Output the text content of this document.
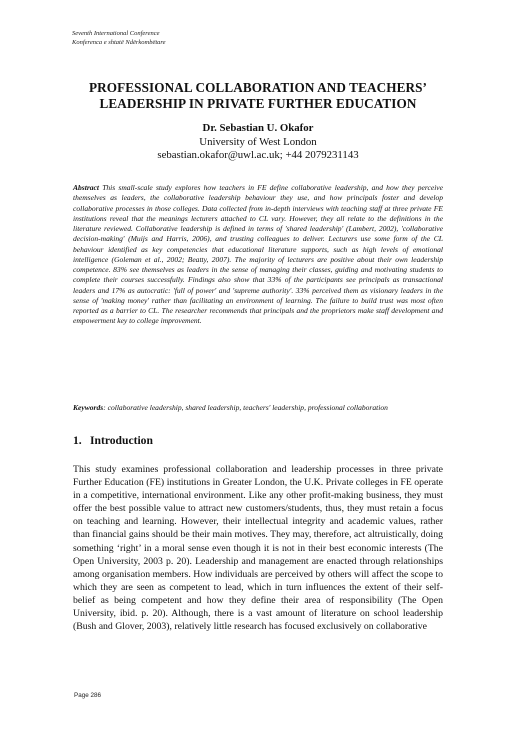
Seventh International Conference
Konferenca e shtatë Ndërkombëtare
PROFESSIONAL COLLABORATION AND TEACHERS’
LEADERSHIP IN PRIVATE FURTHER EDUCATION
Dr. Sebastian U. Okafor
University of West London
sebastian.okafor@uwl.ac.uk; +44 2079231143
Abstract This small-scale study explores how teachers in FE define collaborative leadership, and how they perceive themselves as leaders, the collaborative leadership behaviour they use, and how principals foster and develop collaborative processes in those colleges. Data collected from in-depth interviews with teaching staff at three private FE institutions reveal that the meanings lecturers attached to CL vary. However, they all relate to the definitions in the literature reviewed. Collaborative leadership is defined in terms of 'shared leadership' (Lambert, 2002), 'collaborative decision-making' (Muijs and Harris, 2006), and trusting colleagues to deliver. Lecturers use some form of the CL behaviour identified as key competencies that educational literature supports, such as high levels of emotional intelligence (Goleman et al., 2002; Beatty, 2007). The majority of lecturers are positive about their own leadership competence. 83% see themselves as leaders in the sense of managing their classes, guiding and motivating students to complete their courses successfully. Findings also show that 33% of the participants see principals as transactional leaders and 17% as autocratic: 'full of power' and 'supreme authority'. 33% perceived them as visionary leaders in the sense of 'making money' rather than facilitating an environment of learning. The failure to build trust was most often reported as a barrier to CL. The researcher recommends that principals and the proprietors make staff development and empowerment key to college improvement.
Keywords: collaborative leadership, shared leadership, teachers' leadership, professional collaboration
1. Introduction
This study examines professional collaboration and leadership processes in three private Further Education (FE) institutions in Greater London, the U.K. Private colleges in FE operate in a competitive, international environment. Like any other profit-making business, they must offer the best possible value to attract new customers/students, thus, they must retain a focus on teaching and learning. However, their intellectual integrity and academic values, rather than financial gains should be their main motives. They may, therefore, act altruistically, doing something ‘right’ in a moral sense even though it is not in their best economic interests (The Open University, 2003 p. 20). Leadership and management are enacted through relationships among organisation members. How individuals are perceived by others will affect the scope to which they are seen as competent to lead, which in turn influences the extent of their self-belief as being competent and how they define their area of responsibility (The Open University, ibid. p. 20). Although, there is a vast amount of literature on school leadership (Bush and Glover, 2003), relatively little research has focused exclusively on collaborative
Page 286
